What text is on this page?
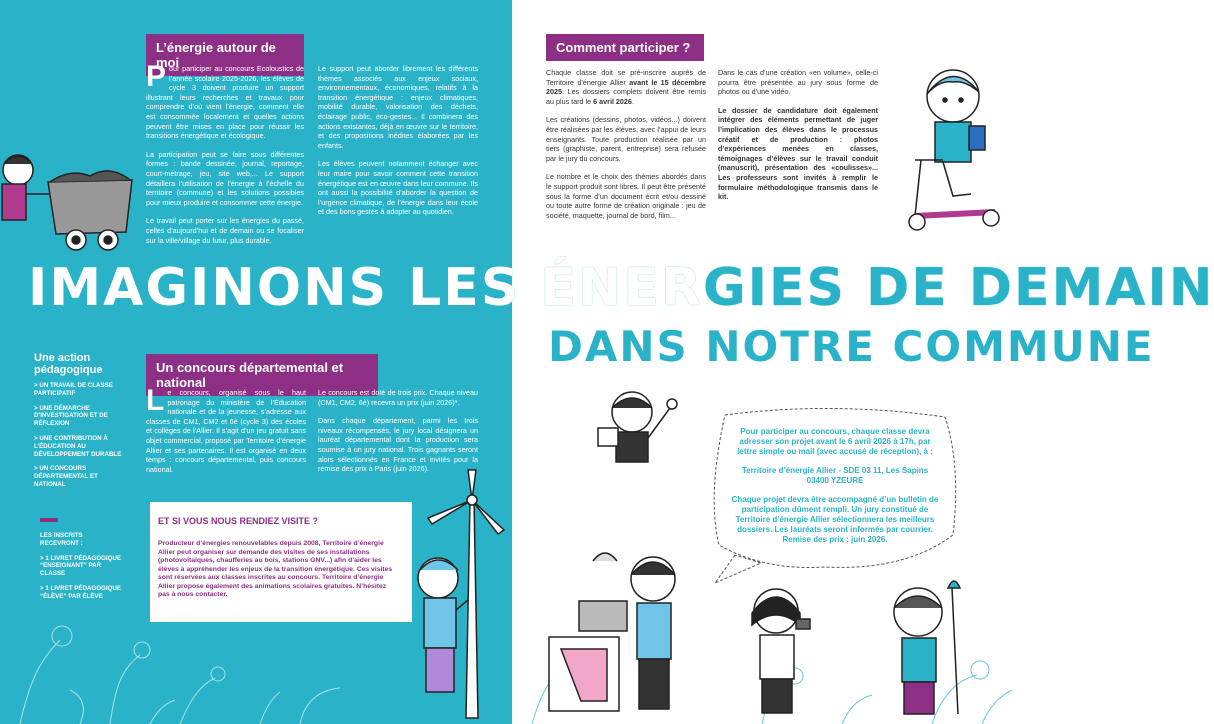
L’énergie autour de moi

Pour participer au concours Ecoloustics de l’année scolaire 2025-2026, les élèves de cycle 3 doivent produire un support illustrant leurs recherches et travaux pour comprendre d’où vient l’énergie, comment elle est consommée localement et quelles actions peuvent être mises en place pour réussir les transitions énergétique et écologique.

La participation peut se faire sous différentes formes : bande dessinée, journal, reportage, court-métrage, jeu, site web,... Le support détaillera l’utilisation de l’énergie à l’échelle du territoire (commune) et les solutions possibles pour mieux produire et consommer cette énergie.

Le travail peut porter sur les énergies du passé, celles d’aujourd’hui et de demain ou se focaliser sur la ville/village du futur, plus durable.

Le support peut aborder librement les différents thèmes associés aux enjeux sociaux, environnementaux, économiques, relatifs à la transition énergétique : enjeux climatiques, mobilité durable, valorisation des déchets, éclairage public, éco-gestes... Il combinera des actions existantes, déjà en œuvre sur le territoire, et des propositions inédites élaborées par les enfants.

Les élèves peuvent notamment échanger avec leur maire pour savoir comment cette transition énergétique est en œuvre dans leur commune. Ils ont aussi la possibilité d’aborder la question de l’urgence climatique, de l’énergie dans leur école et des bons gestes à adopter au quotidien.

Comment participer ?

Chaque classe doit se pré-inscrire auprès de Territoire d’énergie Allier avant le 15 décembre 2025. Les dossiers complets doivent être remis au plus tard le 6 avril 2026.

Les créations (dessins, photos, vidéos...) doivent être réalisées par les élèves, avec l’appui de leurs enseignants. Toute production réalisée par un tiers (graphiste, parent, entreprise) sera refusée par le jury du concours.

Le nombre et le choix des thèmes abordés dans le support produit sont libres. Il peut être présenté sous la forme d’un document écrit et/ou dessiné ou toute autre forme de création originale : jeu de société, maquette, journal de bord, film...

Dans le cas d’une création «en volume», celle-ci pourra être présentée au jury sous forme de photos ou d’une vidéo.

Le dossier de candidature doit également intégrer des éléments permettant de juger l’implication des élèves dans le processus créatif et de production : photos d’expériences menées en classes, témoignages d’élèves sur le travail conduit (manuscrit), présentation des «coulisses»... Les professeurs sont invités à remplir le formulaire méthodologique transmis dans le kit.

IMAGINONS LES ÉNERGIES DE DEMAIN
DANS NOTRE COMMUNE
Une action pédagogique
> UN TRAVAIL DE CLASSE PARTICIPATIF
> UNE DÉMARCHE D’INVESTIGATION ET DE RÉFLEXION
> UNE CONTRIBUTION À L’ÉDUCATION AU DÉVELOPPEMENT DURABLE
> UN CONCOURS DÉPARTEMENTAL ET NATIONAL
LES INSCRITS RECEVRONT :
> 1 LIVRET PÉDAGOGIQUE “ENSEIGNANT” PAR CLASSE
> 1 LIVRET PÉDAGOGIQUE “ÉLÈVE” PAR ÉLÈVE
Un concours départemental et national

Le concours, organisé sous le haut patronage du ministère de l’Éducation nationale et de la jeunesse, s’adresse aux classes de CM1, CM2 et 6è (cycle 3) des écoles et collèges de l’Allier. Il s’agit d’un jeu gratuit sans objet commercial, proposé par Territoire d’énergie Allier et ses partenaires. Il est organisé en deux temps : concours départemental, puis concours national.

Le concours est doté de trois prix. Chaque niveau (CM1, CM2, 6è) recevra un prix (juin 2026)*.

Dans chaque département, parmi les trois niveaux récompensés, le jury local désignera un lauréat départemental dont la production sera soumise à un jury national. Trois gagnants seront alors sélectionnés en France et invités pour la remise des prix à Paris (juin 2026).

ET SI VOUS NOUS RENDIEZ VISITE ?
Producteur d’énergies renouvelables depuis 2008, Territoire d’énergie Allier peut organiser sur demande des visites de ses installations (photovoltaïques, chaufferies au bois, stations GNV...) afin d’aider les élèves à appréhender les enjeux de la transition énergétique. Ces visites sont réservées aux classes inscrites au concours. Territoire d’énergie Allier propose également des animations scolaires gratuites. N’hésitez pas à nous contacter.

Pour participer au concours, chaque classe devra adresser son projet avant le 6 avril 2026 à 17h, par lettre simple ou mail (avec accusé de réception), à :

Territoire d’énergie Allier - SDE 03 11, Les Sapins 03400 YZEURE

Chaque projet devra être accompagné d’un bulletin de participation dûment rempli. Un jury constitué de Territoire d’énergie Allier sélectionnera les meilleurs dossiers. Les lauréats seront informés par courrier. Remise des prix : juin 2026.
